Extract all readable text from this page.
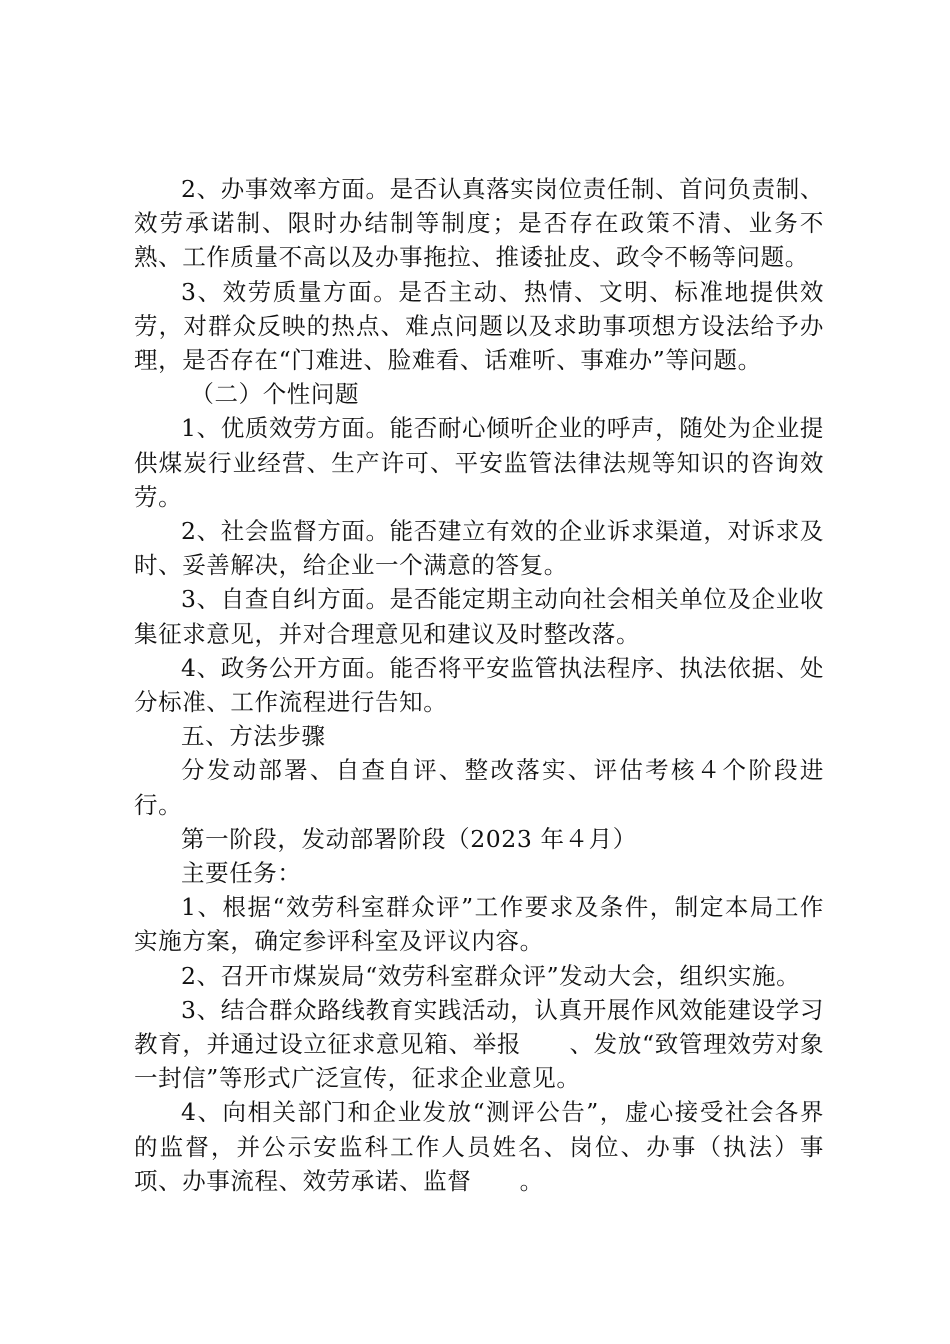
2、办事效率方面。是否认真落实岗位责任制、首问负责制、效劳承诺制、限时办结制等制度；是否存在政策不清、业务不熟、工作质量不高以及办事拖拉、推诿扯皮、政令不畅等问题。

3、效劳质量方面。是否主动、热情、文明、标准地提供效劳，对群众反映的热点、难点问题以及求助事项想方设法给予办理，是否存在“门难进、脸难看、话难听、事难办”等问题。

（二）个性问题

1、优质效劳方面。能否耐心倾听企业的呼声，随处为企业提供煤炭行业经营、生产许可、平安监管法律法规等知识的咨询效劳。

2、社会监督方面。能否建立有效的企业诉求渠道，对诉求及时、妥善解决，给企业一个满意的答复。

3、自查自纠方面。是否能定期主动向社会相关单位及企业收集征求意见，并对合理意见和建议及时整改落。

4、政务公开方面。能否将平安监管执法程序、执法依据、处分标准、工作流程进行告知。

五、方法步骤

分发动部署、自查自评、整改落实、评估考核４个阶段进行。

第一阶段，发动部署阶段（2023 年４月）

主要任务：

1、根据“效劳科室群众评”工作要求及条件，制定本局工作实施方案，确定参评科室及评议内容。

2、召开市煤炭局“效劳科室群众评”发动大会，组织实施。

3、结合群众路线教育实践活动，认真开展作风效能建设学习教育，并通过设立征求意见箱、举报　　、发放“致管理效劳对象一封信”等形式广泛宣传，征求企业意见。

4、向相关部门和企业发放“测评公告”，虚心接受社会各界的监督，并公示安监科工作人员姓名、岗位、办事（执法）事项、办事流程、效劳承诺、监督　　。
